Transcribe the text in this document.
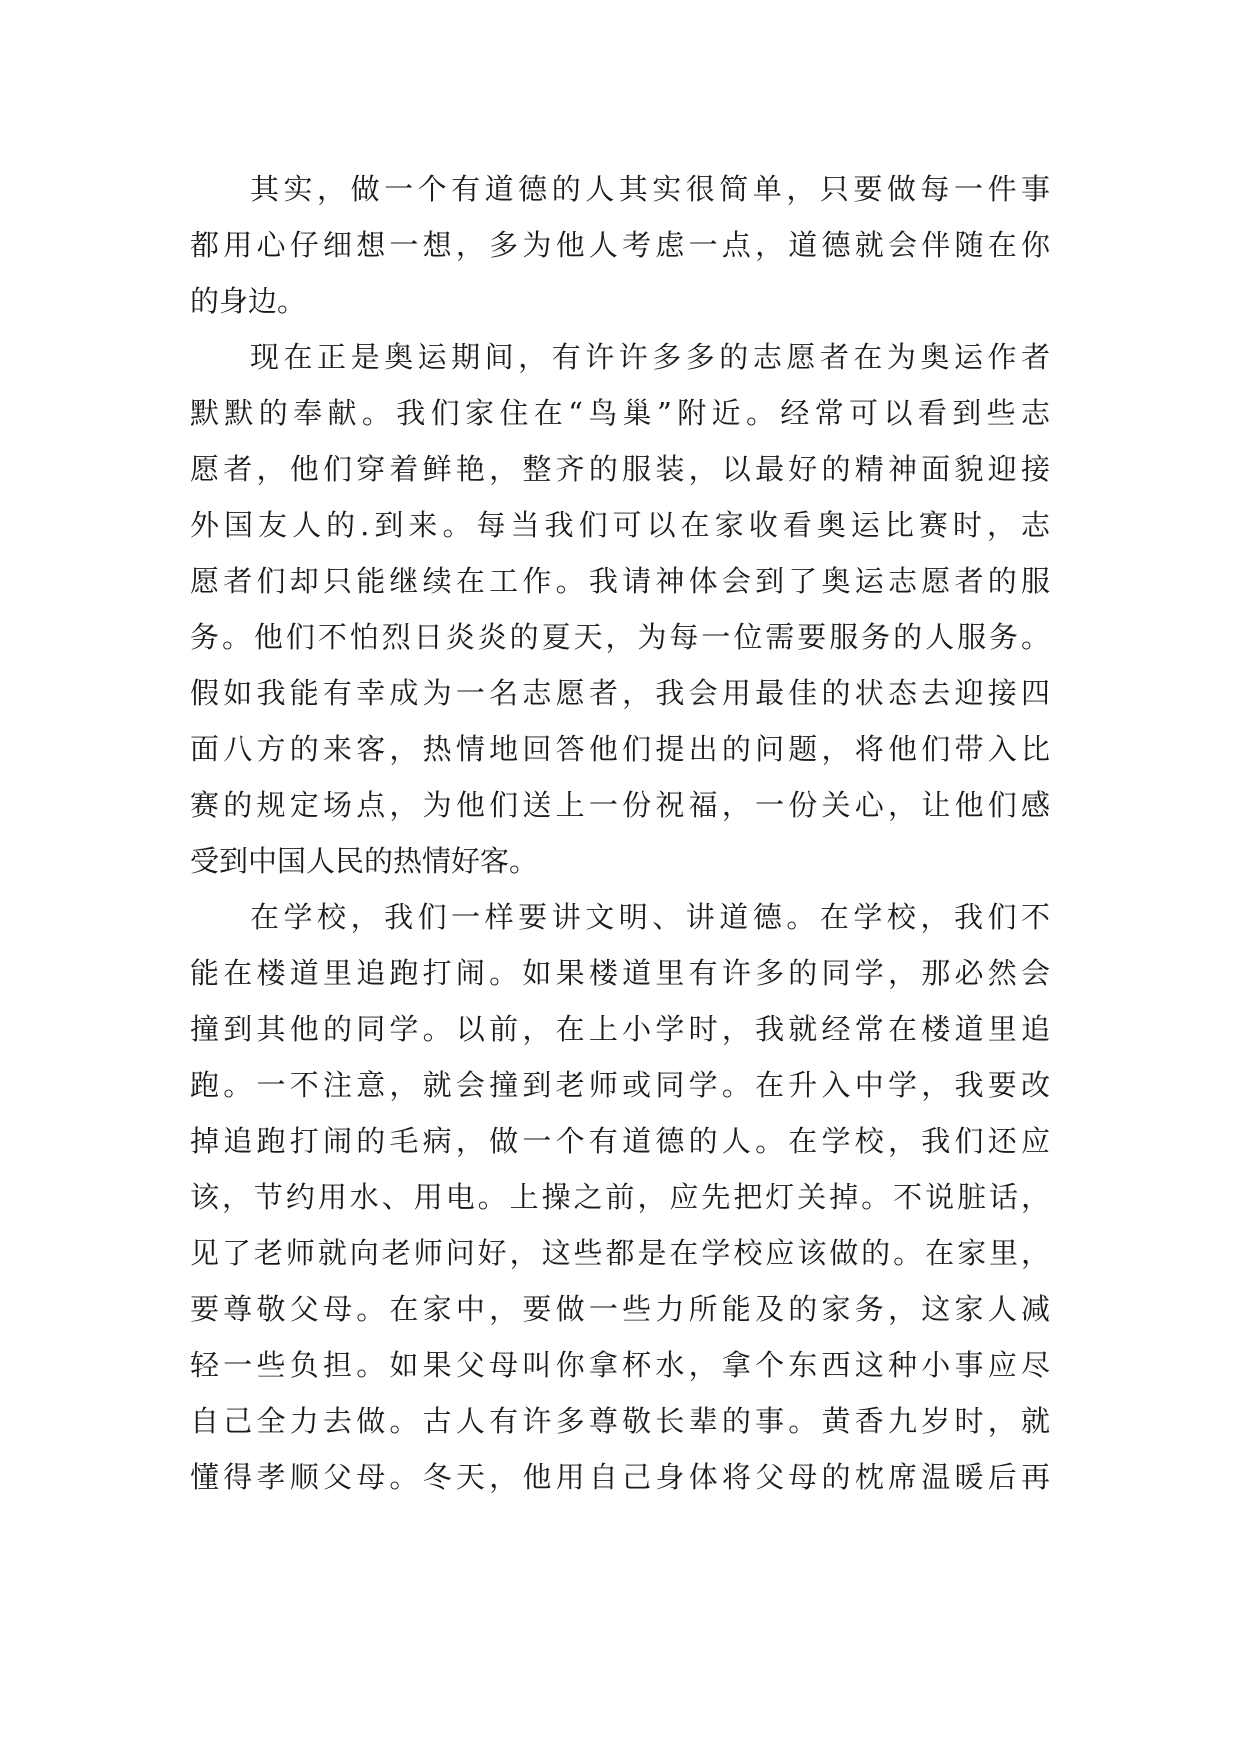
其实，做一个有道德的人其实很简单，只要做每一件事
都用心仔细想一想，多为他人考虑一点，道德就会伴随在你
的身边。
现在正是奥运期间，有许许多多的志愿者在为奥运作者
默默的奉献。我们家住在“鸟巢”附近。经常可以看到些志
愿者，他们穿着鲜艳，整齐的服装，以最好的精神面貌迎接
外国友人的.到来。每当我们可以在家收看奥运比赛时，志
愿者们却只能继续在工作。我请神体会到了奥运志愿者的服
务。他们不怕烈日炎炎的夏天，为每一位需要服务的人服务。
假如我能有幸成为一名志愿者，我会用最佳的状态去迎接四
面八方的来客，热情地回答他们提出的问题，将他们带入比
赛的规定场点，为他们送上一份祝福，一份关心，让他们感
受到中国人民的热情好客。
在学校，我们一样要讲文明、讲道德。在学校，我们不
能在楼道里追跑打闹。如果楼道里有许多的同学，那必然会
撞到其他的同学。以前，在上小学时，我就经常在楼道里追
跑。一不注意，就会撞到老师或同学。在升入中学，我要改
掉追跑打闹的毛病，做一个有道德的人。在学校，我们还应
该，节约用水、用电。上操之前，应先把灯关掉。不说脏话，
见了老师就向老师问好，这些都是在学校应该做的。在家里，
要尊敬父母。在家中，要做一些力所能及的家务，这家人减
轻一些负担。如果父母叫你拿杯水，拿个东西这种小事应尽
自己全力去做。古人有许多尊敬长辈的事。黄香九岁时，就
懂得孝顺父母。冬天，他用自己身体将父母的枕席温暖后再
